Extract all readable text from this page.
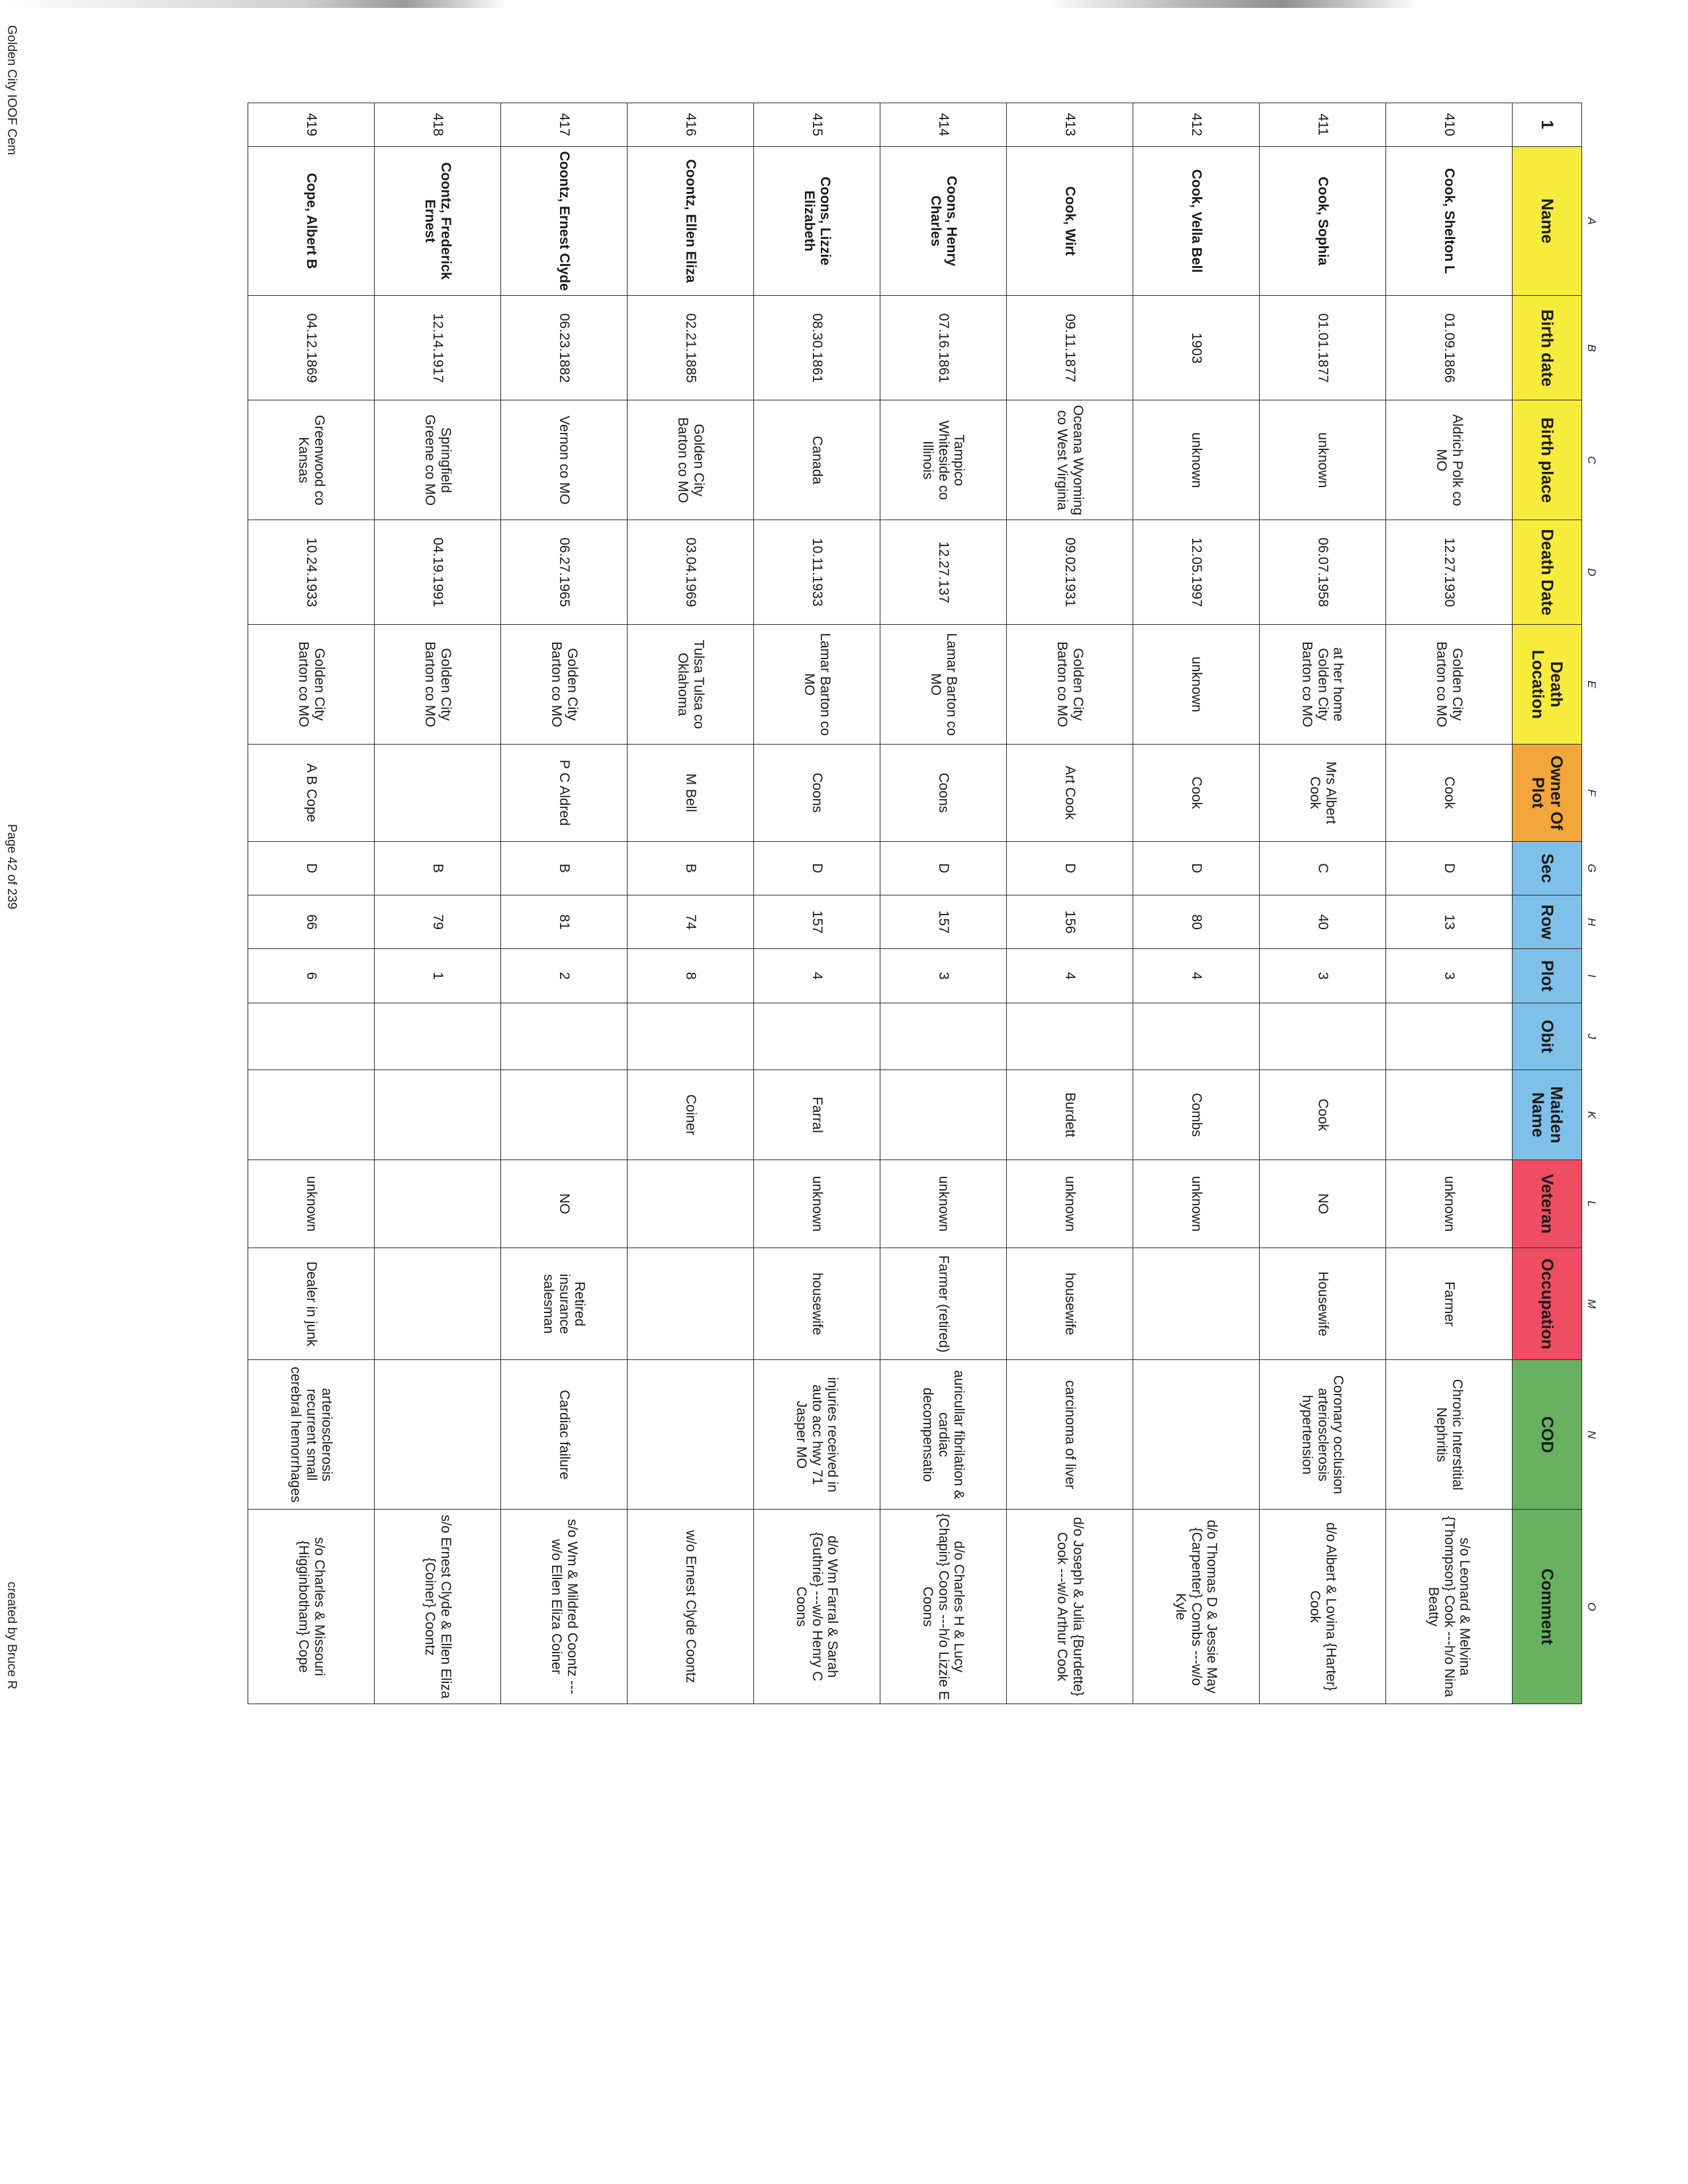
	A	B	C	D	E	F	G	H	I	J	K	L	M	N	O
1	Name	Birth date	Birth place	Death Date	Death Location	Owner Of Plot	Sec	Row	Plot	Obit	Maiden Name	Veteran	Occupation	COD	Comment
410	Cook, Shelton L	01.09.1866	Aldrich Polk co MO	12.27.1930	Golden City Barton co MO	Cook	D	13	3			unknown	Farmer	Chronic Interstitial Nephritis	s/o Leonard & Melvina {Thompson} Cook ---h/o Nina Beatty
411	Cook, Sophia	01.01.1877	unknown	06.07.1958	at her home Golden City Barton co MO	Mrs Albert Cook	C	40	3		Cook	NO	Housewife	Coronary occlusion arteriosclerosis hypertension	d/o Albert & Lovina {Harter} Cook
412	Cook, Vella Bell	1903	unknown	12.05.1997	unknown	Cook	D	80	4		Combs	unknown			d/o Thomas D & Jessie May {Carpenter} Combs ---w/o Kyle
413	Cook, Wirt	09.11.1877	Oceana Wyoming co West Virginia	09.02.1931	Golden City Barton co MO	Art Cook	D	156	4		Burdett	unknown	housewife	carcinoma of liver	d/o Joseph & Julia {Burdette} Cook ---w/o Arthur Cook
414	Coons, Henry Charles	07.16.1861	Tampico Whiteside co Illinois	12.27.137	Lamar Barton co MO	Coons	D	157	3			unknown	Farmer (retired)	auricullar fibrilation & cardiac decompensatio	d/o Charles H & Lucy {Chapin} Coons ---h/o Lizzie E Coons
415	Coons, Lizzie Elizabeth	08.30.1861	Canada	10.11.1933	Lamar Barton co MO	Coons	D	157	4		Farral	unknown	housewife	injuries received in auto acc hwy 71 Jasper MO	d/o Wm Farral & Sarah {Guthrie} ---w/o Henry C Coons
416	Coontz, Ellen Eliza	02.21.1885	Golden City Barton co MO	03.04.1969	Tulsa Tulsa co Oklahoma	M Bell	B	74	8		Coiner				w/o Ernest Clyde Coontz
417	Coontz, Ernest Clyde	06.23.1882	Vernon co MO	06.27.1965	Golden City Barton co MO	P C Aldred	B	81	2			NO	Retired insurance salesman	Cardiac failure	s/o Wm & Mildred Coontz ---w/o Ellen Eliza Coiner
418	Coontz, Frederick Ernest	12.14.1917	Springfield Greene co MO	04.19.1991	Golden City Barton co MO		B	79	1						s/o Ernest Clyde & Ellen Eliza {Coiner} Coontz
419	Cope, Albert B	04.12.1869	Greenwood co Kansas	10.24.1933	Golden City Barton co MO	A B Cope	D	66	6			unknown	Dealer in junk	arteriosclerosis recurrent small cerebral hemorrhages	s/o Charles & Missouri {Higginbotham} Cope
Golden City IOOF Cem
Page 42 of 239
created by Bruce R
